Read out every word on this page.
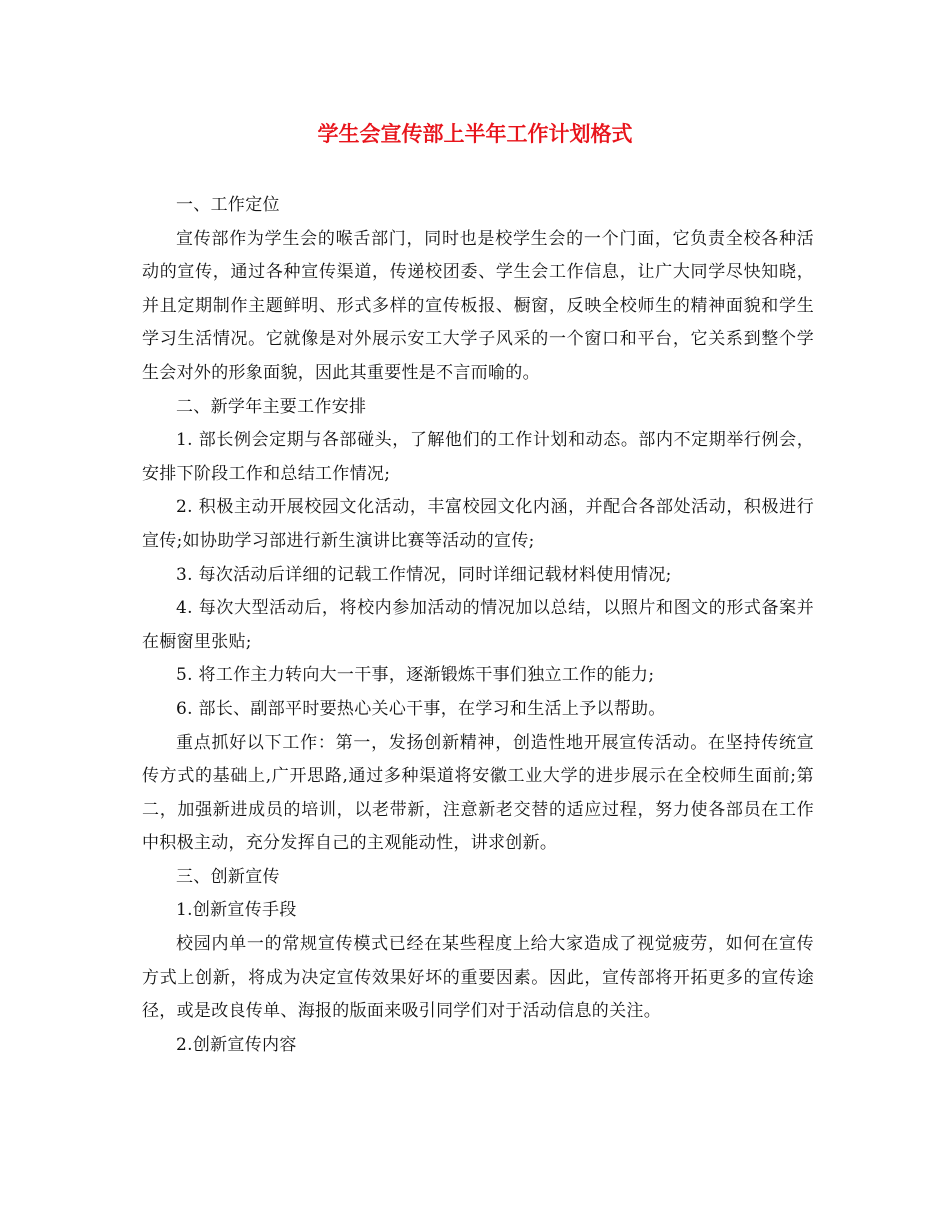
学生会宣传部上半年工作计划格式

一、工作定位

宣传部作为学生会的喉舌部门，同时也是校学生会的一个门面，它负责全校各种活动的宣传，通过各种宣传渠道，传递校团委、学生会工作信息，让广大同学尽快知晓，并且定期制作主题鲜明、形式多样的宣传板报、橱窗，反映全校师生的精神面貌和学生学习生活情况。它就像是对外展示安工大学子风采的一个窗口和平台，它关系到整个学生会对外的形象面貌，因此其重要性是不言而喻的。

二、新学年主要工作安排

1. 部长例会定期与各部碰头，了解他们的工作计划和动态。部内不定期举行例会，安排下阶段工作和总结工作情况;

2. 积极主动开展校园文化活动，丰富校园文化内涵，并配合各部处活动，积极进行宣传;如协助学习部进行新生演讲比赛等活动的宣传;

3. 每次活动后详细的记载工作情况，同时详细记载材料使用情况;

4. 每次大型活动后，将校内参加活动的情况加以总结，以照片和图文的形式备案并在橱窗里张贴;

5. 将工作主力转向大一干事，逐渐锻炼干事们独立工作的能力;

6. 部长、副部平时要热心关心干事，在学习和生活上予以帮助。

重点抓好以下工作：第一，发扬创新精神，创造性地开展宣传活动。在坚持传统宣传方式的基础上,广开思路,通过多种渠道将安徽工业大学的进步展示在全校师生面前;第二，加强新进成员的培训，以老带新，注意新老交替的适应过程，努力使各部员在工作中积极主动，充分发挥自己的主观能动性，讲求创新。

三、创新宣传

1.创新宣传手段

校园内单一的常规宣传模式已经在某些程度上给大家造成了视觉疲劳，如何在宣传方式上创新，将成为决定宣传效果好坏的重要因素。因此，宣传部将开拓更多的宣传途径，或是改良传单、海报的版面来吸引同学们对于活动信息的关注。

2.创新宣传内容
